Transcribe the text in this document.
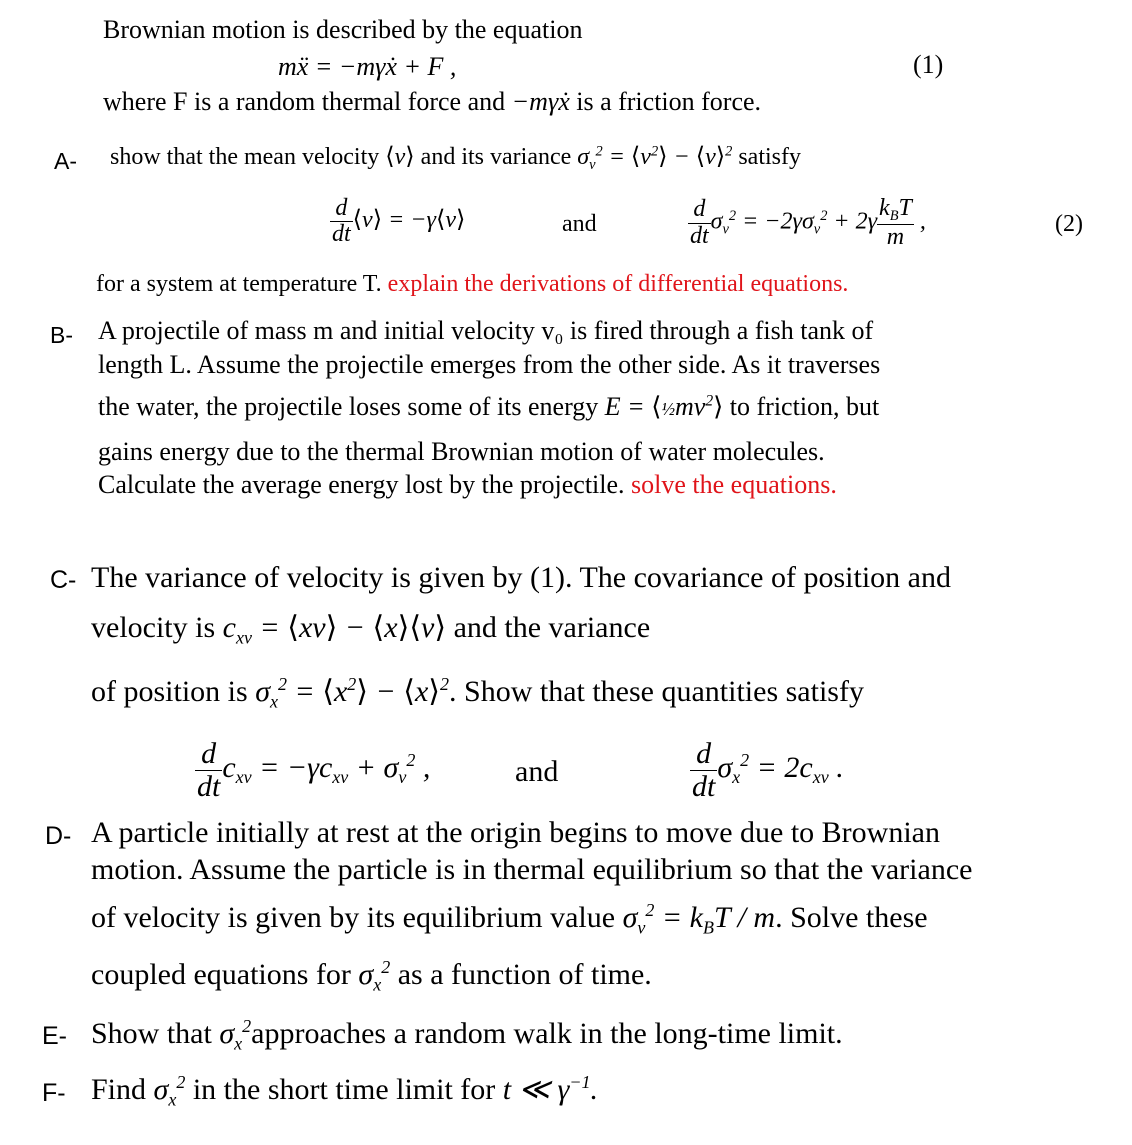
Brownian motion is described by the equation
mẍ = −mγẋ + F ,	(1)
where F is a random thermal force and −mγẋ is a friction force.
A- show that the mean velocity ⟨v⟩ and its variance $\sigma_v^2$ = $⟨v^2⟩$ − ⟨v⟩$^2$ satisfy
$\frac{d}{dt}$ ⟨v⟩ = −γ⟨v⟩	and	$\frac{d}{dt} \sigma_v^2 = -2\gamma\sigma_v^2 + 2\gamma \frac{k_BT}{m}$ ,	(2)
for a system at temperature T. explain the derivations of differential equations.
B- A projectile of mass m and initial velocity v₀ is fired through a fish tank of
length L. Assume the projectile emerges from the other side. As it traverses
the water, the projectile loses some of its energy $E = ⟨\frac{1}{2}mv^2⟩$ to friction, but
gains energy due to the thermal Brownian motion of water molecules.
Calculate the average energy lost by the projectile. solve the equations.
C- The variance of velocity is given by (1). The covariance of position and
velocity is $c_{xv}$ = ⟨xv⟩ − ⟨x⟩⟨v⟩ and the variance
of position is $\sigma_x^2$ = $⟨x^2⟩$ − ⟨x⟩$^2$. Show that these quantities satisfy
$\frac{d}{dt} c_{xv} = -\gamma c_{xv} + \sigma_v^2$ ,	and	$\frac{d}{dt} \sigma_x^2 = 2c_{xv}$ .
D- A particle initially at rest at the origin begins to move due to Brownian
motion. Assume the particle is in thermal equilibrium so that the variance
of velocity is given by its equilibrium value $\sigma_v^2 = k_BT / m$. Solve these
coupled equations for $\sigma_x^2$ as a function of time.
E- Show that $\sigma_x^2approaches$ a random walk in the long-time limit.
F- Find $\sigma_x^2$ in the short time limit for t ≪ $\gamma^{-1}$.
